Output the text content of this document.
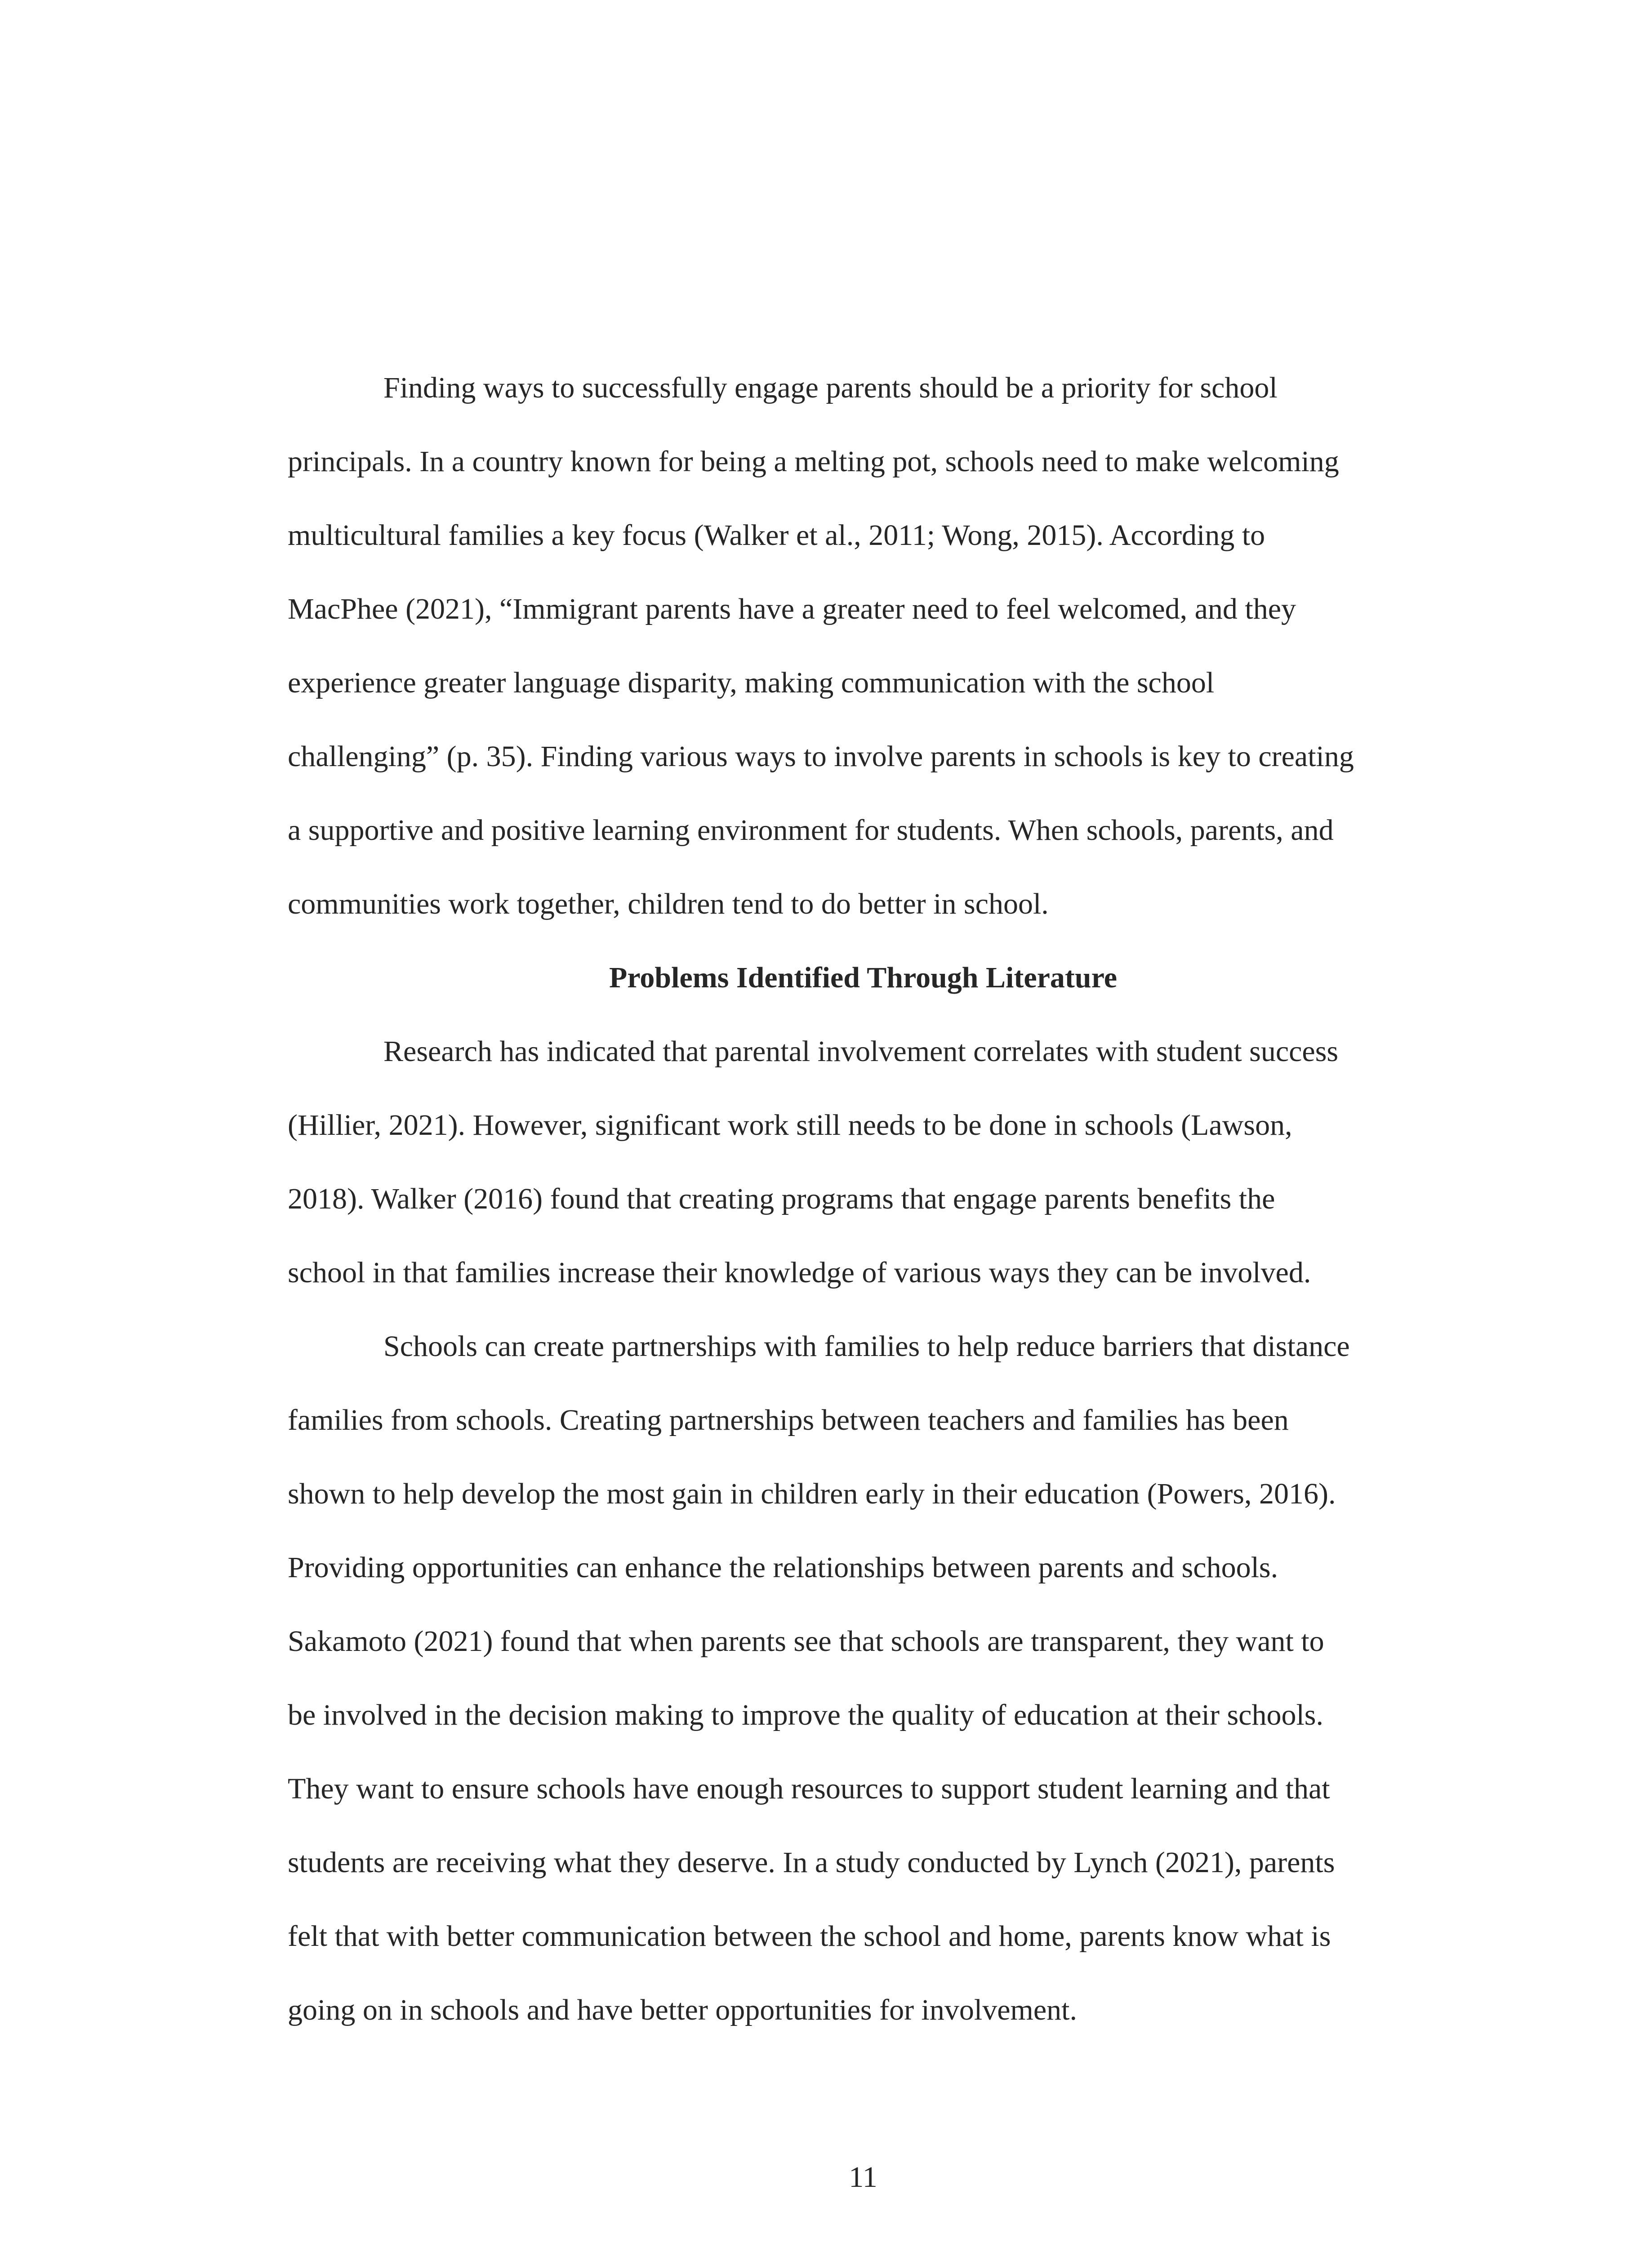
Finding ways to successfully engage parents should be a priority for school

principals. In a country known for being a melting pot, schools need to make welcoming

multicultural families a key focus (Walker et al., 2011; Wong, 2015). According to

MacPhee (2021), “Immigrant parents have a greater need to feel welcomed, and they

experience greater language disparity, making communication with the school

challenging” (p. 35). Finding various ways to involve parents in schools is key to creating

a supportive and positive learning environment for students. When schools, parents, and

communities work together, children tend to do better in school.

Problems Identified Through Literature

Research has indicated that parental involvement correlates with student success

(Hillier, 2021). However, significant work still needs to be done in schools (Lawson,

2018). Walker (2016) found that creating programs that engage parents benefits the

school in that families increase their knowledge of various ways they can be involved.

Schools can create partnerships with families to help reduce barriers that distance

families from schools. Creating partnerships between teachers and families has been

shown to help develop the most gain in children early in their education (Powers, 2016).

Providing opportunities can enhance the relationships between parents and schools.

Sakamoto (2021) found that when parents see that schools are transparent, they want to

be involved in the decision making to improve the quality of education at their schools.

They want to ensure schools have enough resources to support student learning and that

students are receiving what they deserve. In a study conducted by Lynch (2021), parents

felt that with better communication between the school and home, parents know what is

going on in schools and have better opportunities for involvement.

11
